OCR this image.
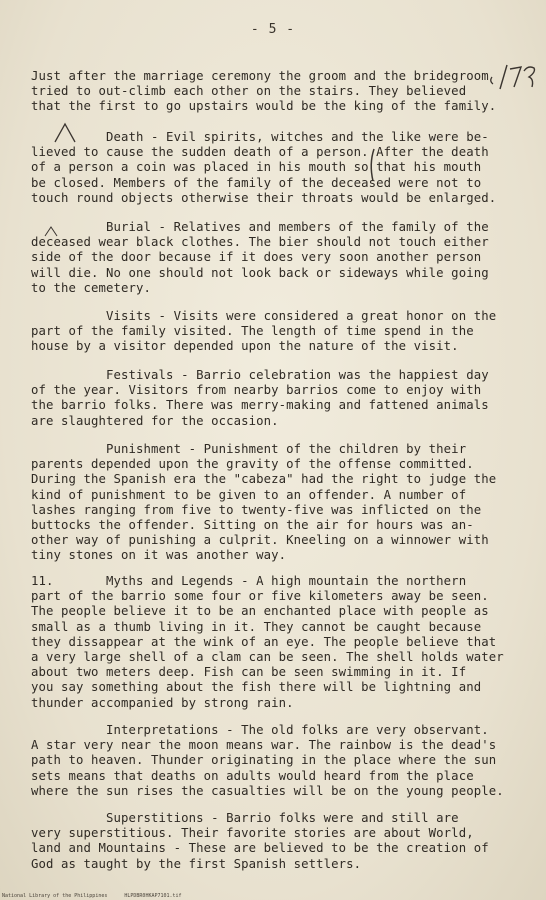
- 5 -

Just after the marriage ceremony the groom and the bridegroom
tried to out-climb each other on the stairs. They believed
that the first to go upstairs would be the king of the family.

Death - Evil spirits, witches and the like were be-
lieved to cause the sudden death of a person. After the death
of a person a coin was placed in his mouth so that his mouth
be closed. Members of the family of the deceased were not to
touch round objects otherwise their throats would be enlarged.

Burial - Relatives and members of the family of the
deceased wear black clothes. The bier should not touch either
side of the door because if it does very soon another person
will die. No one should not look back or sideways while going
to the cemetery.

Visits - Visits were considered a great honor on the
part of the family visited. The length of time spend in the
house by a visitor depended upon the nature of the visit.

Festivals - Barrio celebration was the happiest day
of the year. Visitors from nearby barrios come to enjoy with
the barrio folks. There was merry-making and fattened animals
are slaughtered for the occasion.

Punishment - Punishment of the children by their
parents depended upon the gravity of the offense committed.
During the Spanish era the "cabeza" had the right to judge the
kind of punishment to be given to an offender. A number of
lashes ranging from five to twenty-five was inflicted on the
buttocks the offender. Sitting on the air for hours was an-
other way of punishing a culprit. Kneeling on a winnower with
tiny stones on it was another way.

11.       Myths and Legends - A high mountain the northern
part of the barrio some four or five kilometers away be seen.
The people believe it to be an enchanted place with people as
small as a thumb living in it. They cannot be caught because
they dissappear at the wink of an eye. The people believe that
a very large shell of a clam can be seen. The shell holds water
about two meters deep. Fish can be seen swimming in it. If
you say something about the fish there will be lightning and
thunder accompanied by strong rain.

Interpretations - The old folks are very observant.
A star very near the moon means war. The rainbow is the dead's
path to heaven. Thunder originating in the place where the sun
sets means that deaths on adults would heard from the place
where the sun rises the casualties will be on the young people.

Superstitions - Barrio folks were and still are
very superstitious. Their favorite stories are about World,
land and Mountains - These are believed to be the creation of
God as taught by the first Spanish settlers.

National Library of the Philippines	HLPDBR0HKAP7101.tif
